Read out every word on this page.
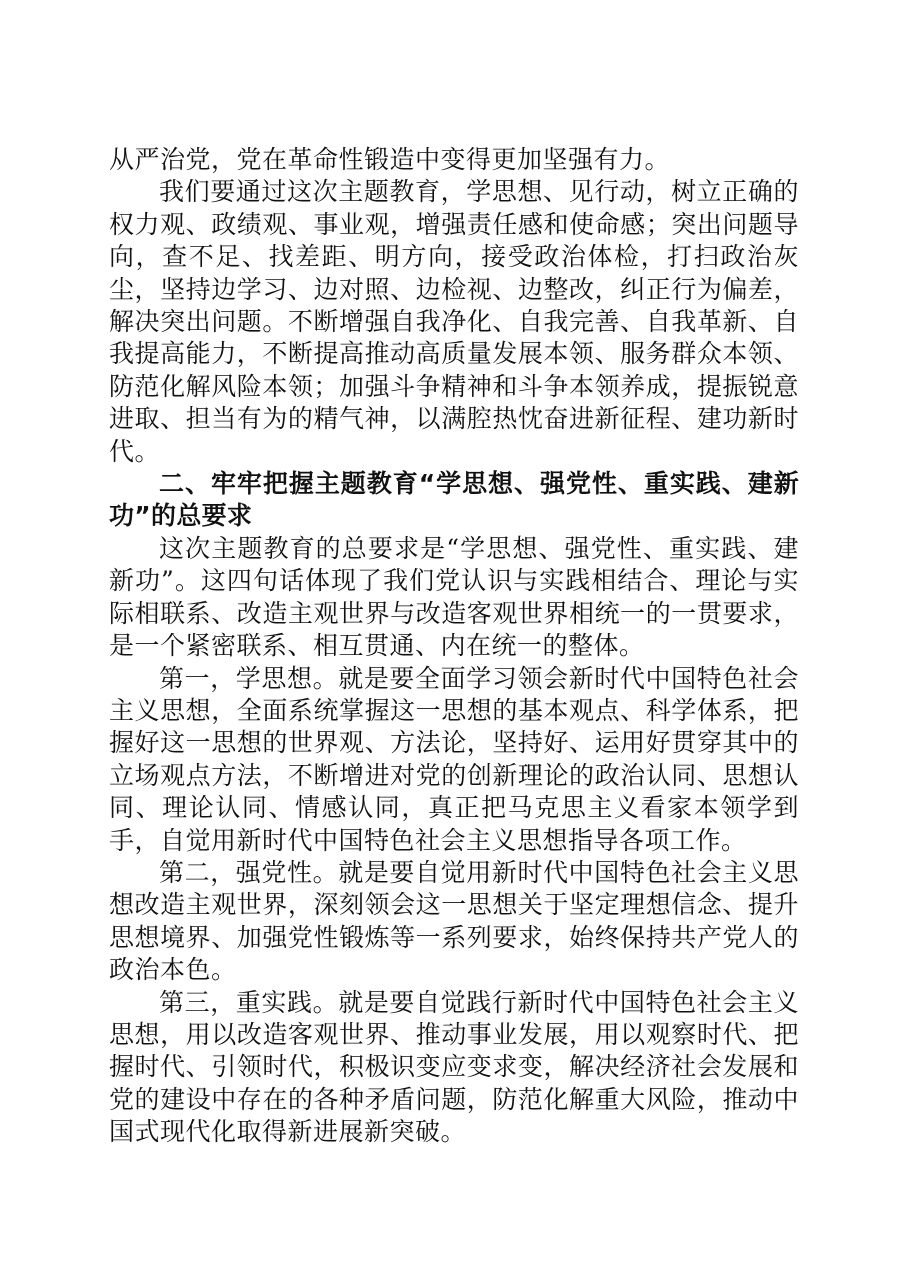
从严治党，党在革命性锻造中变得更加坚强有力。

我们要通过这次主题教育，学思想、见行动，树立正确的权力观、政绩观、事业观，增强责任感和使命感；突出问题导向，查不足、找差距、明方向，接受政治体检，打扫政治灰尘，坚持边学习、边对照、边检视、边整改，纠正行为偏差，解决突出问题。不断增强自我净化、自我完善、自我革新、自我提高能力，不断提高推动高质量发展本领、服务群众本领、防范化解风险本领；加强斗争精神和斗争本领养成，提振锐意进取、担当有为的精气神，以满腔热忱奋进新征程、建功新时代。

二、牢牢把握主题教育“学思想、强党性、重实践、建新功”的总要求

这次主题教育的总要求是“学思想、强党性、重实践、建新功”。这四句话体现了我们党认识与实践相结合、理论与实际相联系、改造主观世界与改造客观世界相统一的一贯要求，是一个紧密联系、相互贯通、内在统一的整体。

第一，学思想。就是要全面学习领会新时代中国特色社会主义思想，全面系统掌握这一思想的基本观点、科学体系，把握好这一思想的世界观、方法论，坚持好、运用好贯穿其中的立场观点方法，不断增进对党的创新理论的政治认同、思想认同、理论认同、情感认同，真正把马克思主义看家本领学到手，自觉用新时代中国特色社会主义思想指导各项工作。

第二，强党性。就是要自觉用新时代中国特色社会主义思想改造主观世界，深刻领会这一思想关于坚定理想信念、提升思想境界、加强党性锻炼等一系列要求，始终保持共产党人的政治本色。

第三，重实践。就是要自觉践行新时代中国特色社会主义思想，用以改造客观世界、推动事业发展，用以观察时代、把握时代、引领时代，积极识变应变求变，解决经济社会发展和党的建设中存在的各种矛盾问题，防范化解重大风险，推动中国式现代化取得新进展新突破。
